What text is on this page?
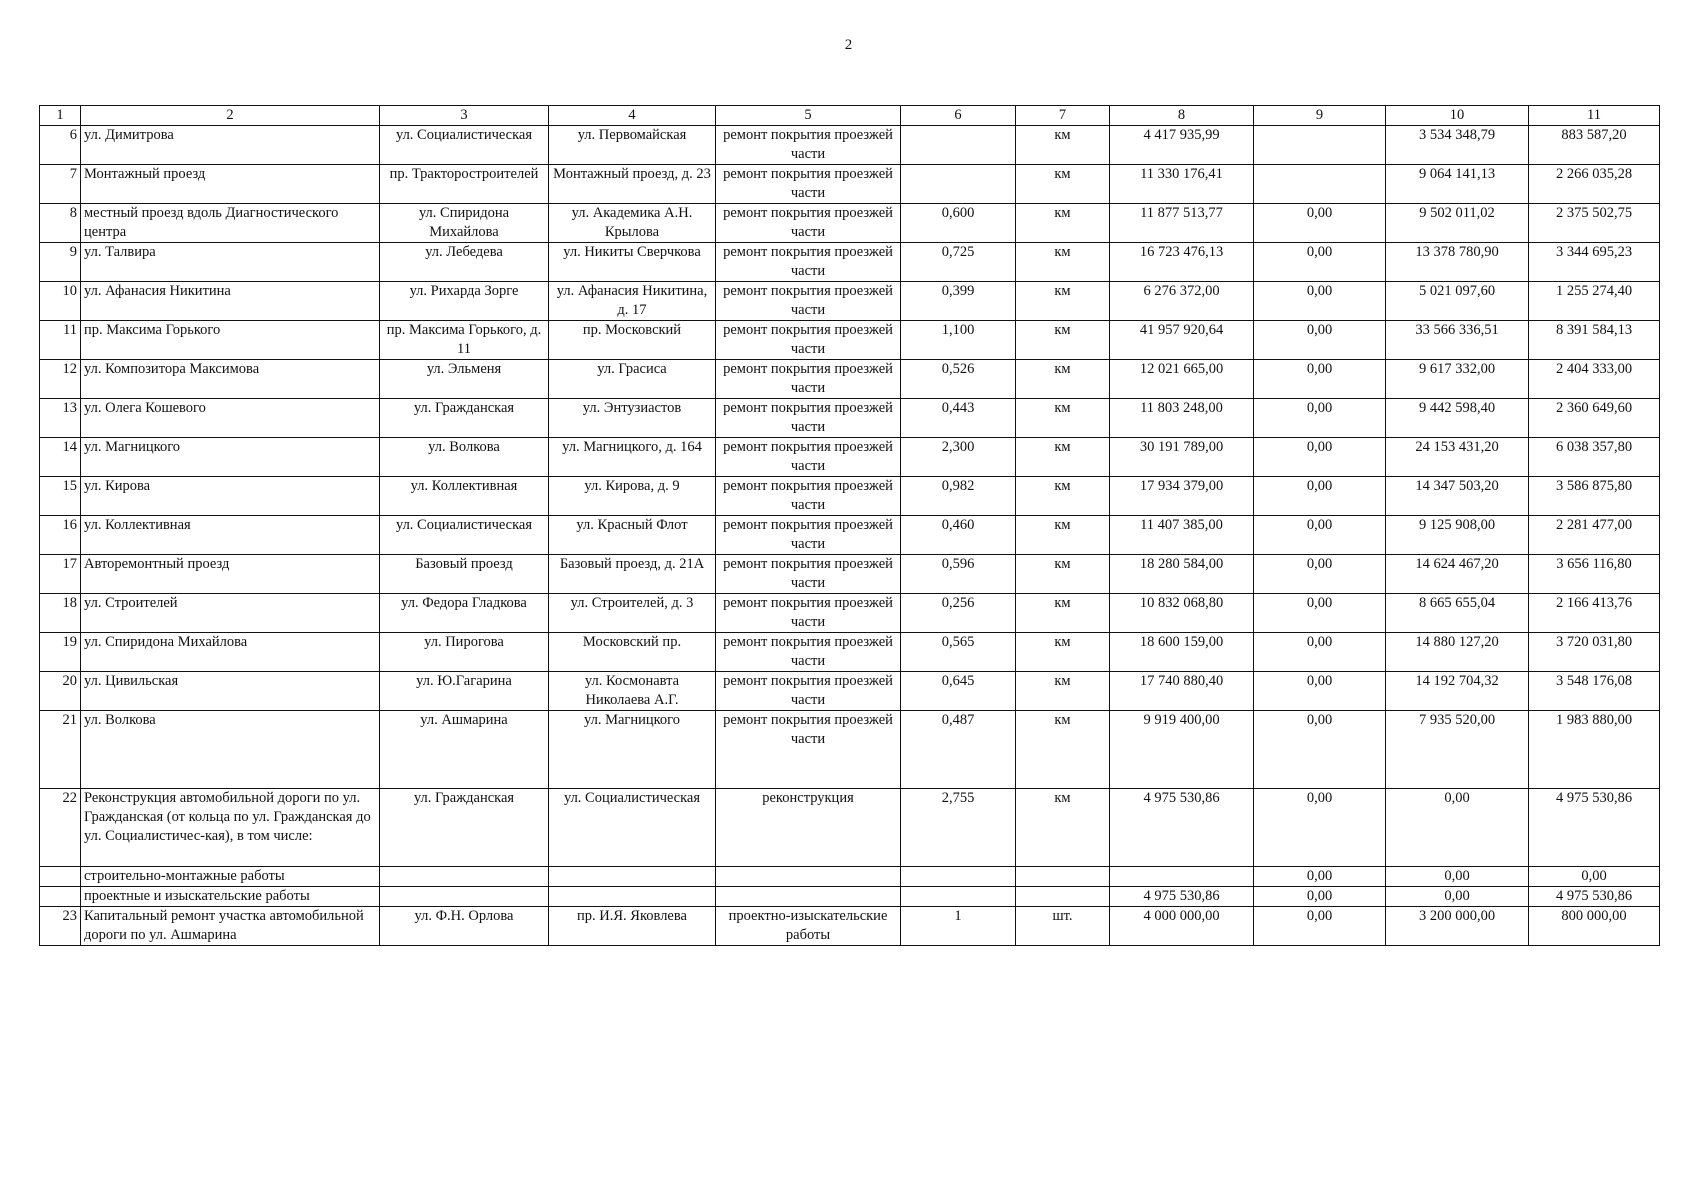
2
1	2	3	4	5	6	7	8	9	10	11
6	ул. Димитрова	ул. Социалистическая	ул. Первомайская	ремонт покрытия проезжей части		км	4 417 935,99		3 534 348,79	883 587,20
7	Монтажный проезд	пр. Тракторостроителей	Монтажный проезд, д. 23	ремонт покрытия проезжей части		км	11 330 176,41		9 064 141,13	2 266 035,28
8	местный проезд вдоль Диагностического центра	ул. Спиридона Михайлова	ул. Академика А.Н. Крылова	ремонт покрытия проезжей части	0,600	км	11 877 513,77	0,00	9 502 011,02	2 375 502,75
9	ул. Талвира	ул. Лебедева	ул. Никиты Сверчкова	ремонт покрытия проезжей части	0,725	км	16 723 476,13	0,00	13 378 780,90	3 344 695,23
10	ул. Афанасия Никитина	ул. Рихарда Зорге	ул. Афанасия Никитина, д. 17	ремонт покрытия проезжей части	0,399	км	6 276 372,00	0,00	5 021 097,60	1 255 274,40
11	пр. Максима Горького	пр. Максима Горького, д. 11	пр. Московский	ремонт покрытия проезжей части	1,100	км	41 957 920,64	0,00	33 566 336,51	8 391 584,13
12	ул. Композитора Максимова	ул. Эльменя	ул. Грасиса	ремонт покрытия проезжей части	0,526	км	12 021 665,00	0,00	9 617 332,00	2 404 333,00
13	ул. Олега Кошевого	ул. Гражданская	ул. Энтузиастов	ремонт покрытия проезжей части	0,443	км	11 803 248,00	0,00	9 442 598,40	2 360 649,60
14	ул. Магницкого	ул. Волкова	ул. Магницкого, д. 164	ремонт покрытия проезжей части	2,300	км	30 191 789,00	0,00	24 153 431,20	6 038 357,80
15	ул. Кирова	ул. Коллективная	ул. Кирова, д. 9	ремонт покрытия проезжей части	0,982	км	17 934 379,00	0,00	14 347 503,20	3 586 875,80
16	ул. Коллективная	ул. Социалистическая	ул. Красный Флот	ремонт покрытия проезжей части	0,460	км	11 407 385,00	0,00	9 125 908,00	2 281 477,00
17	Авторемонтный проезд	Базовый проезд	Базовый проезд, д. 21А	ремонт покрытия проезжей части	0,596	км	18 280 584,00	0,00	14 624 467,20	3 656 116,80
18	ул. Строителей	ул. Федора Гладкова	ул. Строителей, д. 3	ремонт покрытия проезжей части	0,256	км	10 832 068,80	0,00	8 665 655,04	2 166 413,76
19	ул. Спиридона Михайлова	ул. Пирогова	Московский пр.	ремонт покрытия проезжей части	0,565	км	18 600 159,00	0,00	14 880 127,20	3 720 031,80
20	ул. Цивильская	ул. Ю.Гагарина	ул. Космонавта Николаева А.Г.	ремонт покрытия проезжей части	0,645	км	17 740 880,40	0,00	14 192 704,32	3 548 176,08
21	ул. Волкова	ул. Ашмарина	ул. Магницкого	ремонт покрытия проезжей части	0,487	км	9 919 400,00	0,00	7 935 520,00	1 983 880,00
22	Реконструкция автомобильной дороги по ул. Гражданская (от кольца по ул. Гражданская до ул. Социалистичес-кая), в том числе:	ул. Гражданская	ул. Социалистическая	реконструкция	2,755	км	4 975 530,86	0,00	0,00	4 975 530,86
	строительно-монтажные работы							0,00	0,00	0,00
	проектные и изыскательские работы						4 975 530,86	0,00	0,00	4 975 530,86
23	Капитальный ремонт участка автомобильной дороги по ул. Ашмарина	ул. Ф.Н. Орлова	пр. И.Я. Яковлева	проектно-изыскательские работы	1	шт.	4 000 000,00	0,00	3 200 000,00	800 000,00
